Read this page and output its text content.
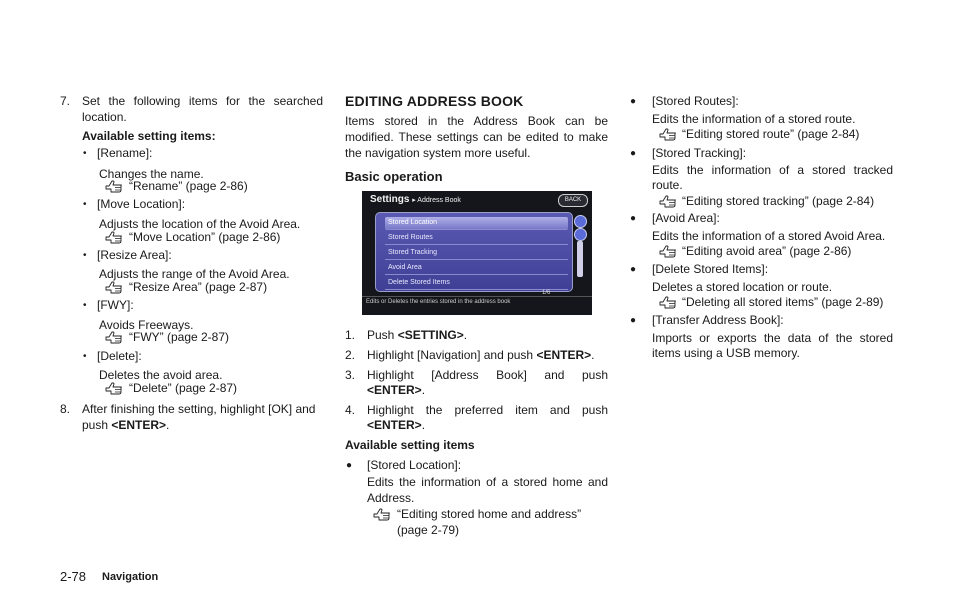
7. Set the following items for the searched
location.
Available setting items:
• [Rename]:
Changes the name.
“Rename” (page 2-86)
• [Move Location]:
Adjusts the location of the Avoid Area.
“Move Location” (page 2-86)
• [Resize Area]:
Adjusts the range of the Avoid Area.
“Resize Area” (page 2-87)
• [FWY]:
Avoids Freeways.
“FWY” (page 2-87)
• [Delete]:
Deletes the avoid area.
“Delete” (page 2-87)
8. After finishing the setting, highlight [OK] and
push <ENTER>.
EDITING ADDRESS BOOK
Items stored in the Address Book can be
modified. These settings can be edited to make
the navigation system more useful.
Basic operation
Settings ▸ Address Book	BACK
Stored Location
Stored Routes
Stored Tracking
Avoid Area
Delete Stored Items
1/6
Edits or Deletes the entries stored in the address book
1. Push <SETTING>.
2. Highlight [Navigation] and push <ENTER>.
3. Highlight [Address Book] and push
<ENTER>.
4. Highlight the preferred item and push
<ENTER>.
Available setting items
● [Stored Location]:
Edits the information of a stored home and
Address.
“Editing stored home and address”
(page 2-79)
● [Stored Routes]:
Edits the information of a stored route.
“Editing stored route” (page 2-84)
● [Stored Tracking]:
Edits the information of a stored tracked
route.
“Editing stored tracking” (page 2-84)
● [Avoid Area]:
Edits the information of a stored Avoid Area.
“Editing avoid area” (page 2-86)
● [Delete Stored Items]:
Deletes a stored location or route.
“Deleting all stored items” (page 2-89)
● [Transfer Address Book]:
Imports or exports the data of the stored
items using a USB memory.
2-78 Navigation
